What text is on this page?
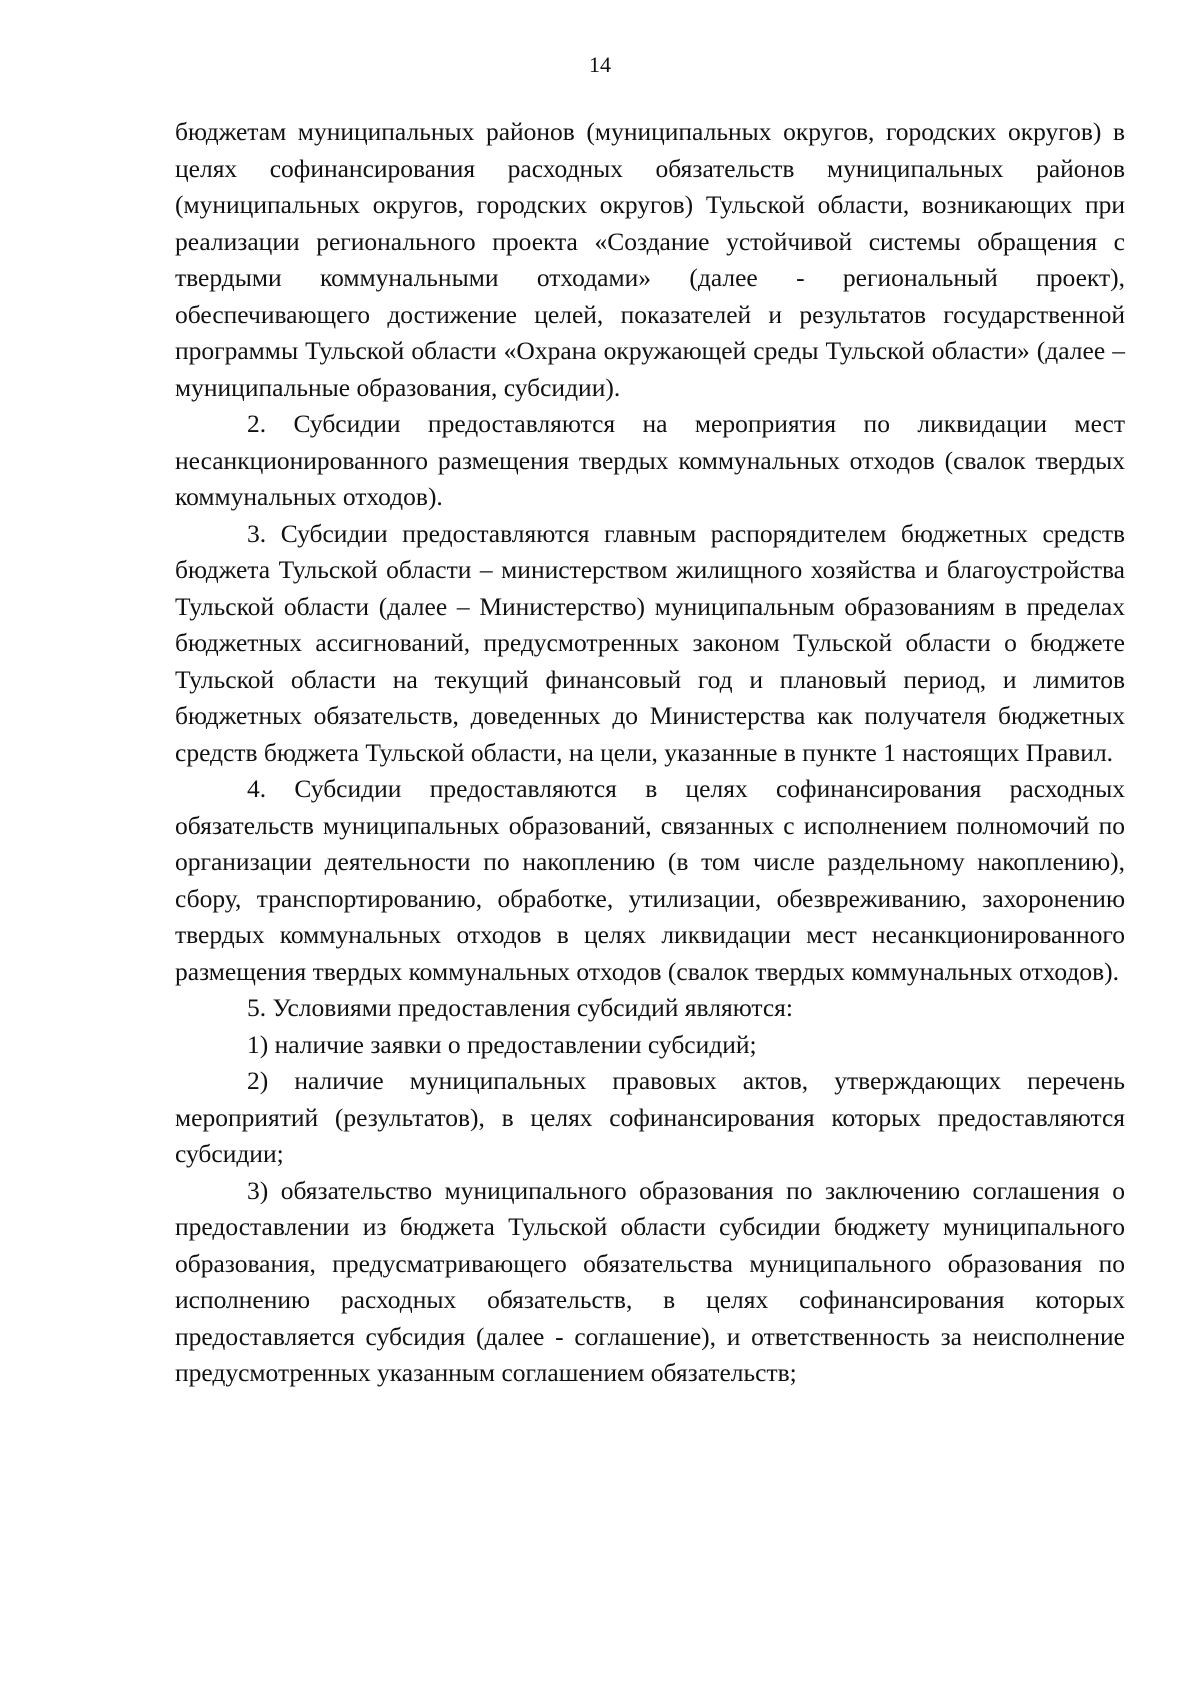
14

бюджетам муниципальных районов (муниципальных округов, городских округов) в целях софинансирования расходных обязательств муниципальных районов (муниципальных округов, городских округов) Тульской области, возникающих при реализации регионального проекта «Создание устойчивой системы обращения с твердыми коммунальными отходами» (далее - региональный проект), обеспечивающего достижение целей, показателей и результатов государственной программы Тульской области «Охрана окружающей среды Тульской области» (далее – муниципальные образования, субсидии).

2. Субсидии предоставляются на мероприятия по ликвидации мест несанкционированного размещения твердых коммунальных отходов (свалок твердых коммунальных отходов).

3. Субсидии предоставляются главным распорядителем бюджетных средств бюджета Тульской области – министерством жилищного хозяйства и благоустройства Тульской области (далее – Министерство) муниципальным образованиям в пределах бюджетных ассигнований, предусмотренных законом Тульской области о бюджете Тульской области на текущий финансовый год и плановый период, и лимитов бюджетных обязательств, доведенных до Министерства как получателя бюджетных средств бюджета Тульской области, на цели, указанные в пункте 1 настоящих Правил.

4. Субсидии предоставляются в целях софинансирования расходных обязательств муниципальных образований, связанных с исполнением полномочий по организации деятельности по накоплению (в том числе раздельному накоплению), сбору, транспортированию, обработке, утилизации, обезвреживанию, захоронению твердых коммунальных отходов в целях ликвидации мест несанкционированного размещения твердых коммунальных отходов (свалок твердых коммунальных отходов).

5. Условиями предоставления субсидий являются:

1) наличие заявки о предоставлении субсидий;

2) наличие муниципальных правовых актов, утверждающих перечень мероприятий (результатов), в целях софинансирования которых предоставляются субсидии;

3) обязательство муниципального образования по заключению соглашения о предоставлении из бюджета Тульской области субсидии бюджету муниципального образования, предусматривающего обязательства муниципального образования по исполнению расходных обязательств, в целях софинансирования которых предоставляется субсидия (далее - соглашение), и ответственность за неисполнение предусмотренных указанным соглашением обязательств;
